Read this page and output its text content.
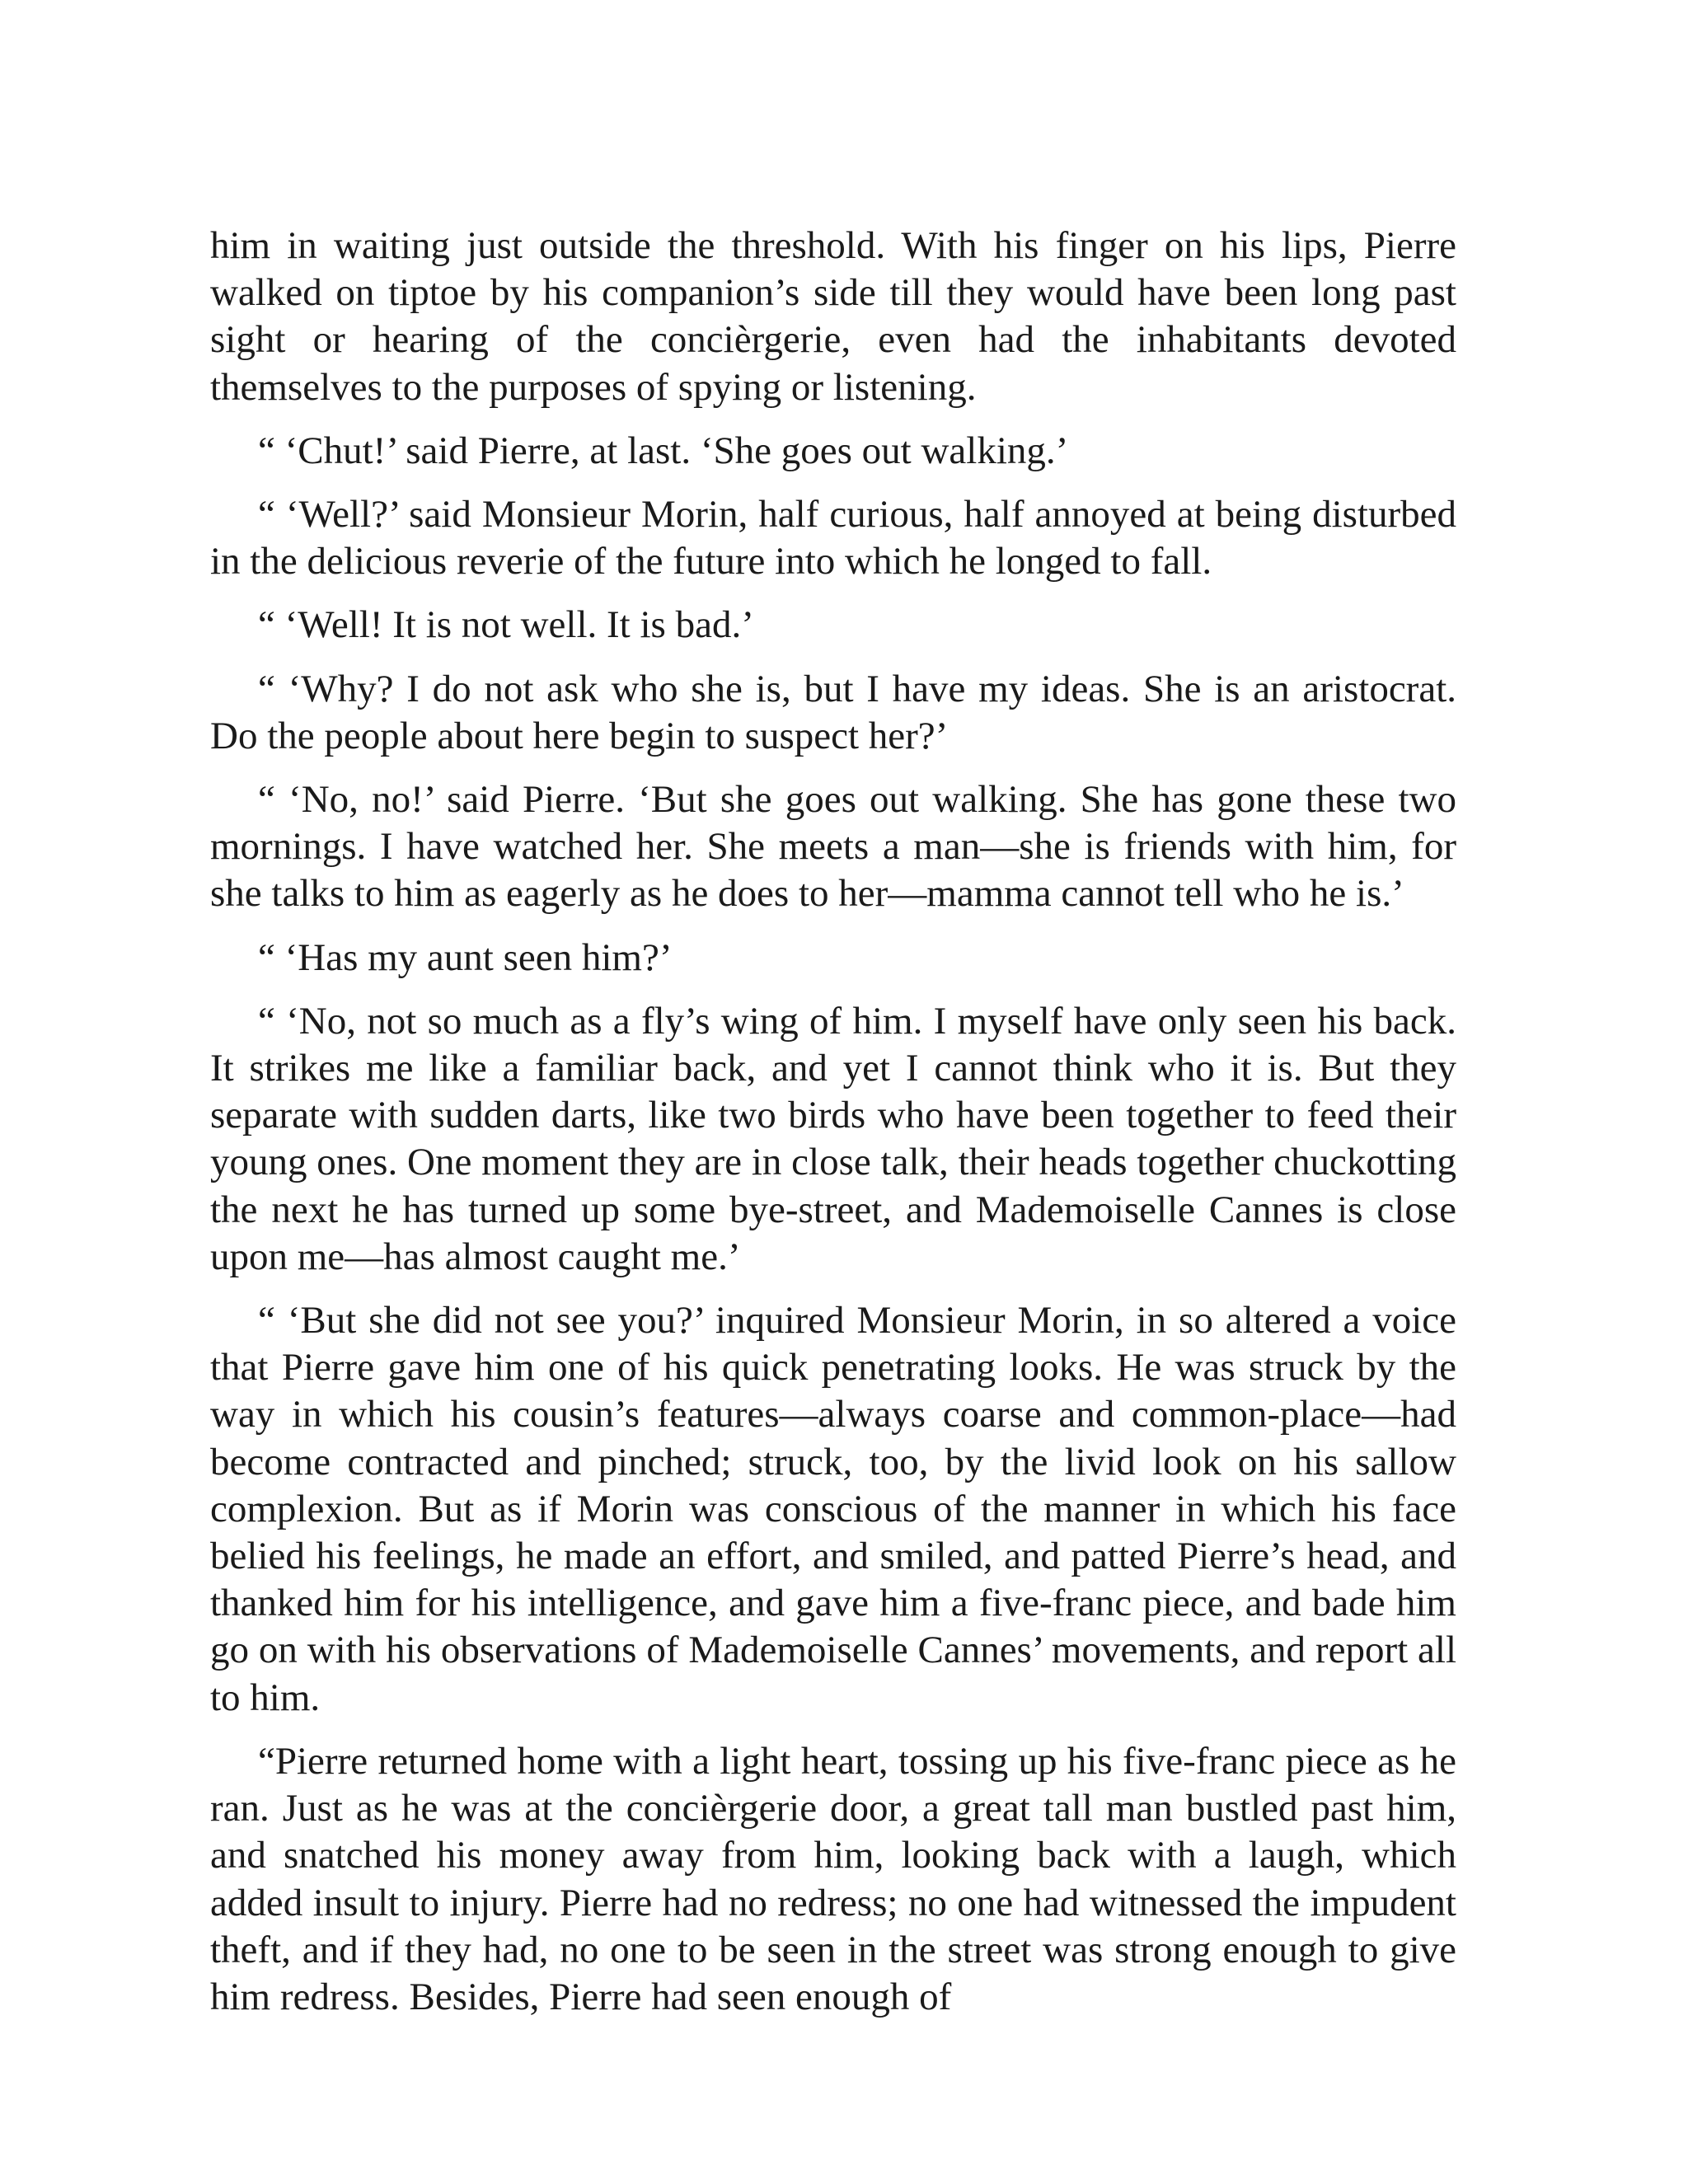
him in waiting just outside the threshold. With his finger on his lips, Pierre walked on tiptoe by his companion’s side till they would have been long past sight or hearing of the concièrgerie, even had the inhabitants devoted themselves to the purposes of spying or listening.

“ ‘Chut!’ said Pierre, at last. ‘She goes out walking.’

“ ‘Well?’ said Monsieur Morin, half curious, half annoyed at being disturbed in the delicious reverie of the future into which he longed to fall.

“ ‘Well! It is not well. It is bad.’

“ ‘Why? I do not ask who she is, but I have my ideas. She is an aristocrat. Do the people about here begin to suspect her?’

“ ‘No, no!’ said Pierre. ‘But she goes out walking. She has gone these two mornings. I have watched her. She meets a man—she is friends with him, for she talks to him as eagerly as he does to her—mamma cannot tell who he is.’

“ ‘Has my aunt seen him?’

“ ‘No, not so much as a fly’s wing of him. I myself have only seen his back. It strikes me like a familiar back, and yet I cannot think who it is. But they separate with sudden darts, like two birds who have been together to feed their young ones. One moment they are in close talk, their heads together chuckotting the next he has turned up some bye-street, and Mademoiselle Cannes is close upon me—has almost caught me.’

“ ‘But she did not see you?’ inquired Monsieur Morin, in so altered a voice that Pierre gave him one of his quick penetrating looks. He was struck by the way in which his cousin’s features—always coarse and common-place—had become contracted and pinched; struck, too, by the livid look on his sallow complexion. But as if Morin was conscious of the manner in which his face belied his feelings, he made an effort, and smiled, and patted Pierre’s head, and thanked him for his intelligence, and gave him a five-franc piece, and bade him go on with his observations of Mademoiselle Cannes’ movements, and report all to him.

“Pierre returned home with a light heart, tossing up his five-franc piece as he ran. Just as he was at the concièrgerie door, a great tall man bustled past him, and snatched his money away from him, looking back with a laugh, which added insult to injury. Pierre had no redress; no one had witnessed the impudent theft, and if they had, no one to be seen in the street was strong enough to give him redress. Besides, Pierre had seen enough of
